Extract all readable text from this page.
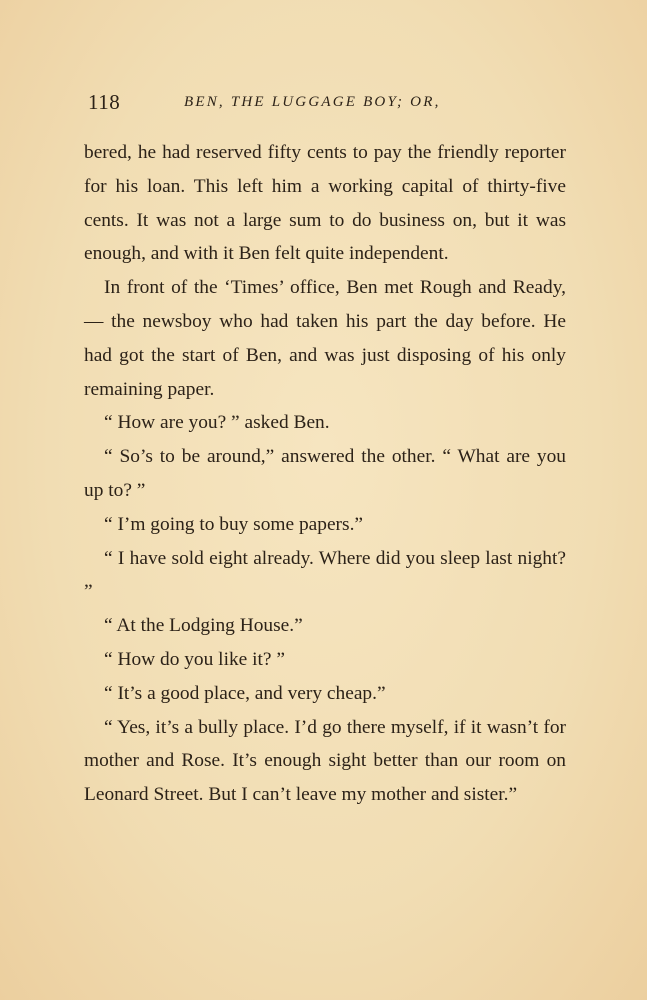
118	BEN, THE LUGGAGE BOY; OR,

bered, he had reserved fifty cents to pay the friendly reporter for his loan. This left him a working capital of thirty-five cents. It was not a large sum to do business on, but it was enough, and with it Ben felt quite independent.

In front of the ‘Times’ office, Ben met Rough and Ready,— the newsboy who had taken his part the day before. He had got the start of Ben, and was just disposing of his only remaining paper.

“ How are you? ” asked Ben.

“ So’s to be around,” answered the other. “ What are you up to? ”

“ I’m going to buy some papers.”

“ I have sold eight already. Where did you sleep last night? ”

“ At the Lodging House.”

“ How do you like it? ”

“ It’s a good place, and very cheap.”

“ Yes, it’s a bully place. I’d go there myself, if it wasn’t for mother and Rose. It’s enough sight better than our room on Leonard Street. But I can’t leave my mother and sister.”
